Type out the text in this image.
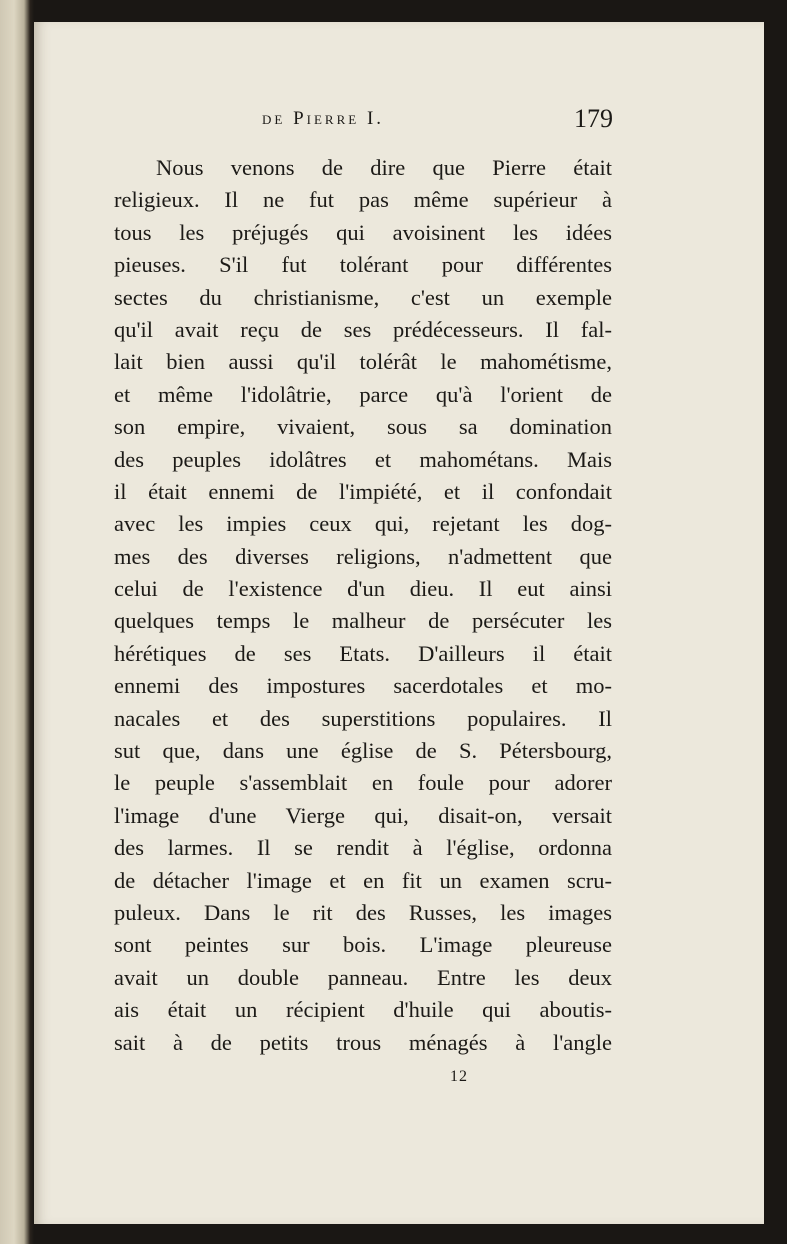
de Pierre I.	179
Nous venons de dire que Pierre était
religieux. Il ne fut pas même supérieur à
tous les préjugés qui avoisinent les idées
pieuses. S'il fut tolérant pour différentes
sectes du christianisme, c'est un exemple
qu'il avait reçu de ses prédécesseurs. Il fal-
lait bien aussi qu'il tolérât le mahométisme,
et même l'idolâtrie, parce qu'à l'orient de
son empire, vivaient, sous sa domination
des peuples idolâtres et mahométans. Mais
il était ennemi de l'impiété, et il confondait
avec les impies ceux qui, rejetant les dog-
mes des diverses religions, n'admettent que
celui de l'existence d'un dieu. Il eut ainsi
quelques temps le malheur de persécuter les
hérétiques de ses Etats. D'ailleurs il était
ennemi des impostures sacerdotales et mo-
nacales et des superstitions populaires. Il
sut que, dans une église de S. Pétersbourg,
le peuple s'assemblait en foule pour adorer
l'image d'une Vierge qui, disait-on, versait
des larmes. Il se rendit à l'église, ordonna
de détacher l'image et en fit un examen scru-
puleux. Dans le rit des Russes, les images
sont peintes sur bois. L'image pleureuse
avait un double panneau. Entre les deux
ais était un récipient d'huile qui aboutis-
sait à de petits trous ménagés à l'angle
12
